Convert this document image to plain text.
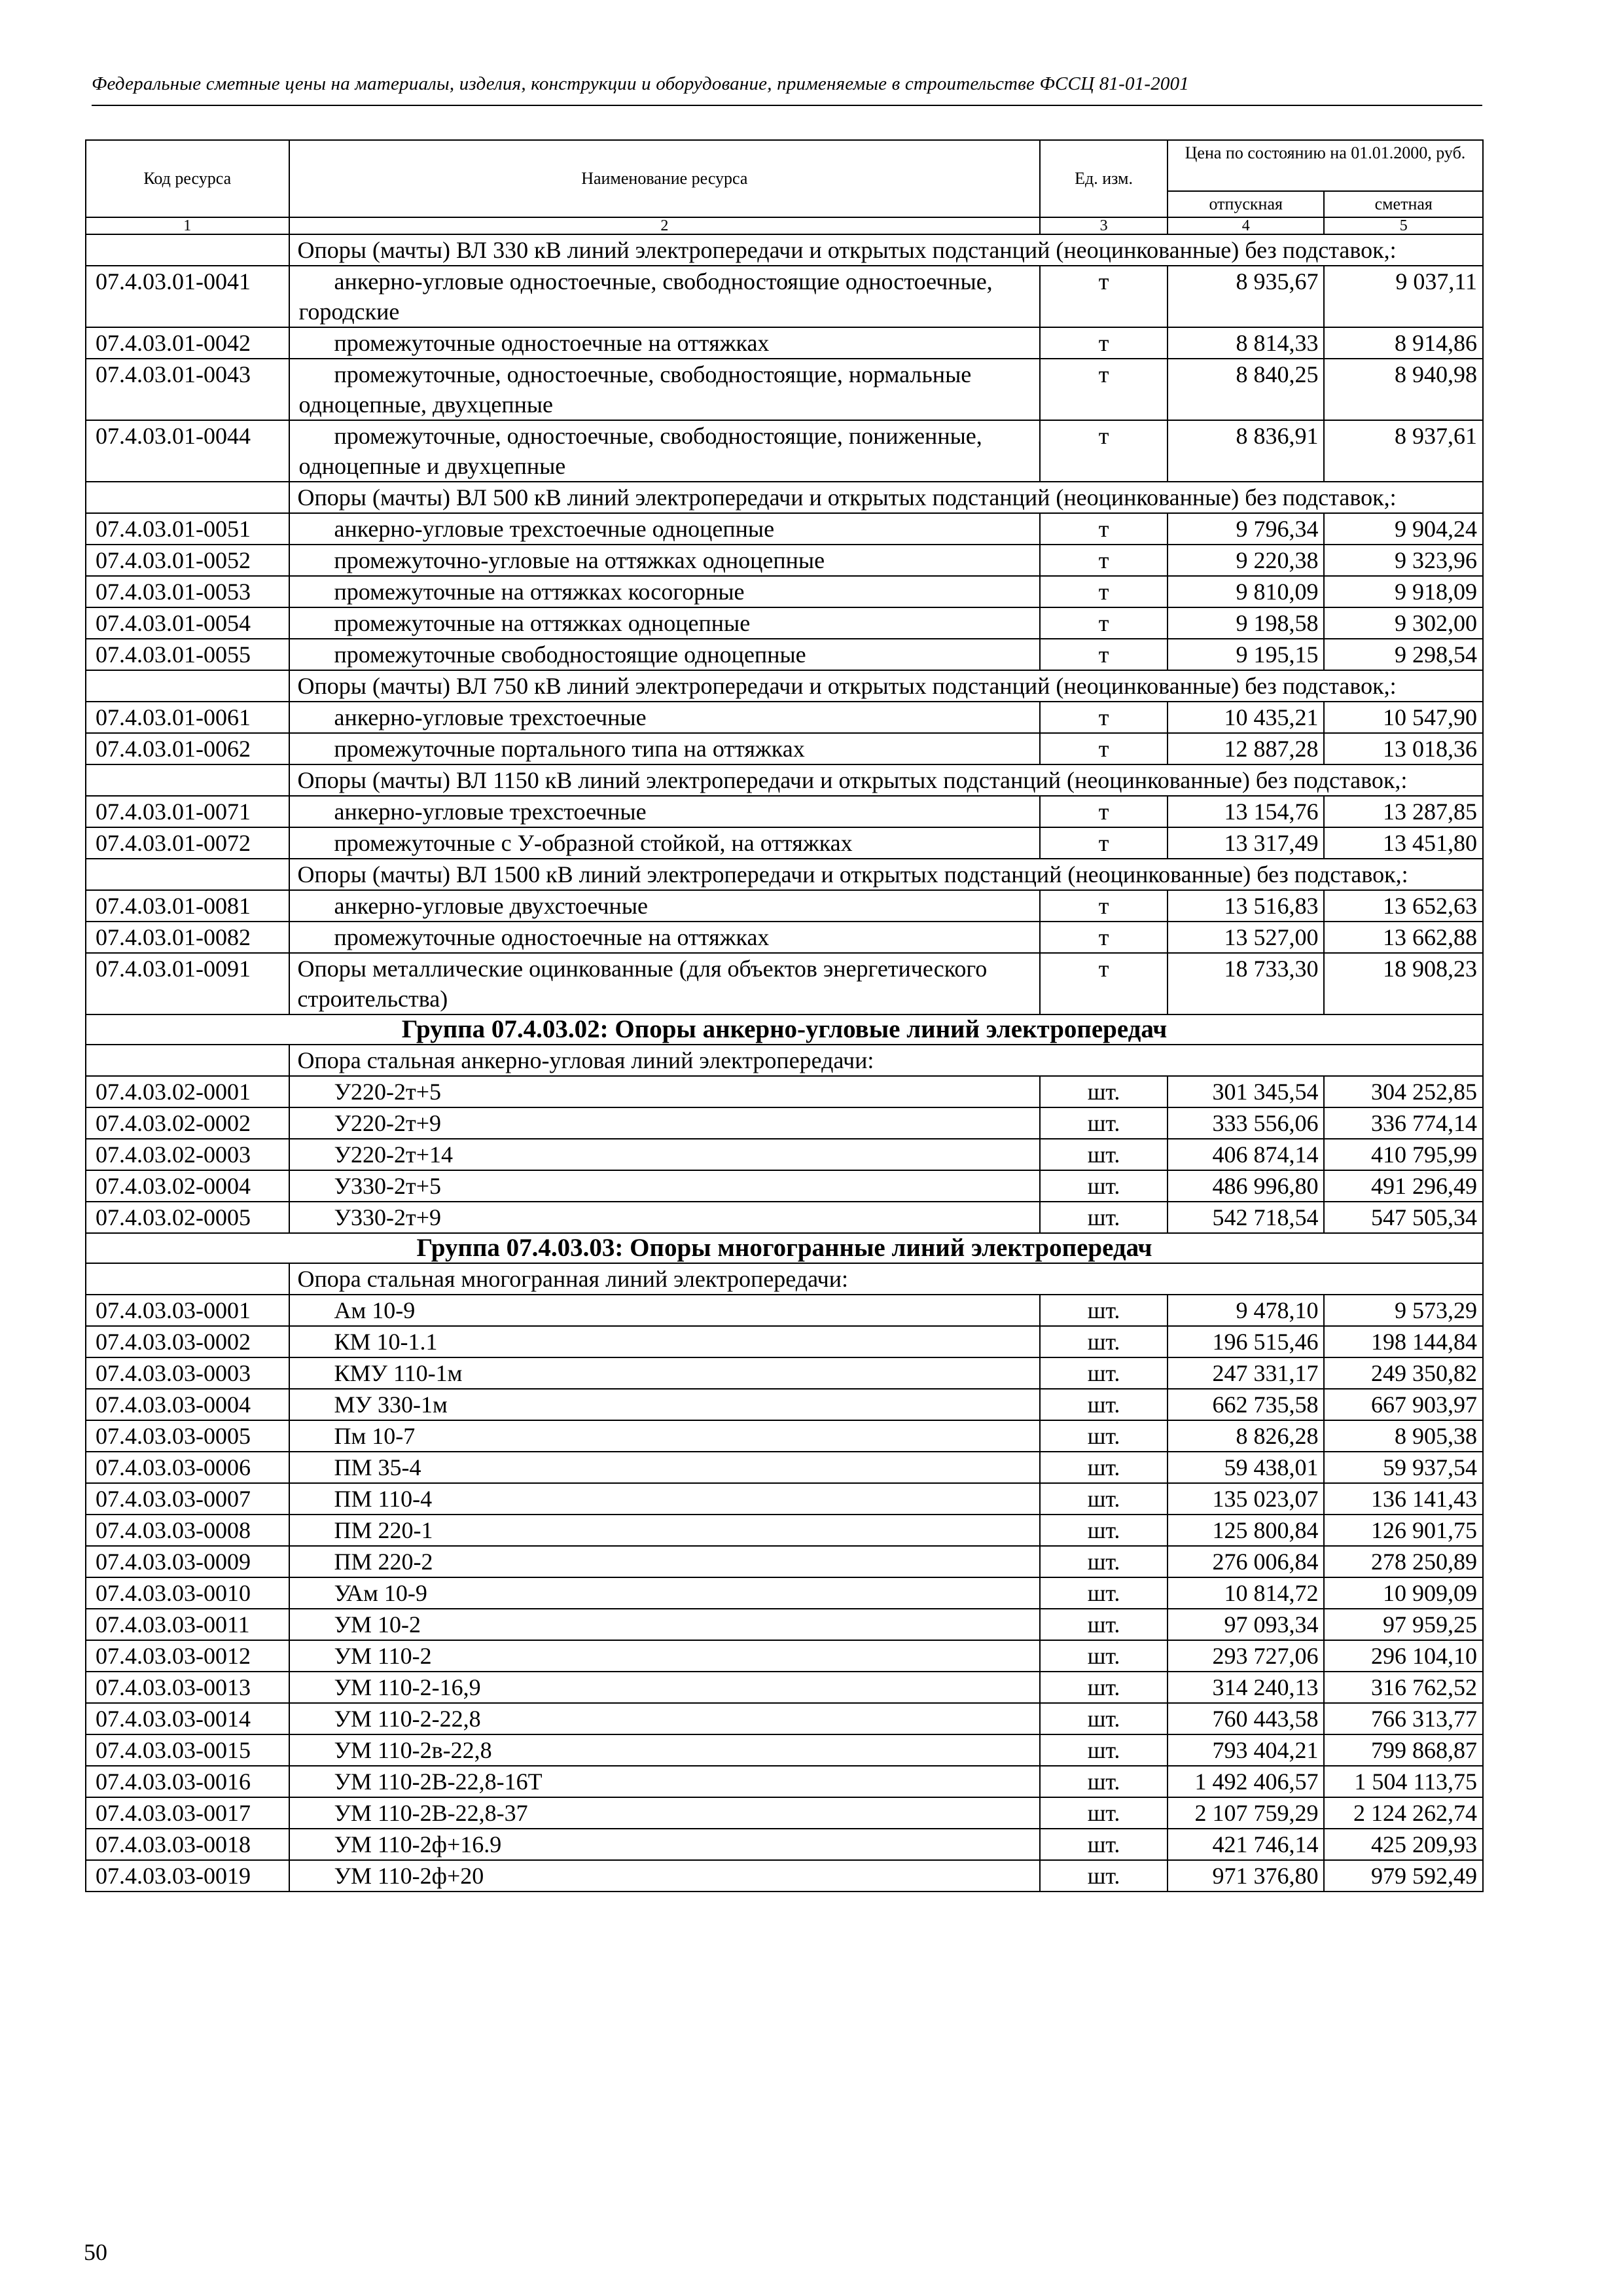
Федеральные сметные цены на материалы, изделия, конструкции и оборудование, применяемые в строительстве ФССЦ 81-01-2001
Код ресурса	Наименование ресурса	Ед. изм.	Цена по состоянию на 01.01.2000, руб.	
			отпускная	сметная
1	2	3	4	5
	Опоры (мачты) ВЛ 330 кВ линий электропередачи и открытых подстанций (неоцинкованные) без подставок,:			
07.4.03.01-0041	анкерно-угловые одностоечные, свободностоящие одностоечные, городские	т	8 935,67	9 037,11
07.4.03.01-0042	промежуточные одностоечные на оттяжках	т	8 814,33	8 914,86
07.4.03.01-0043	промежуточные, одностоечные, свободностоящие, нормальные одноцепные, двухцепные	т	8 840,25	8 940,98
07.4.03.01-0044	промежуточные, одностоечные, свободностоящие, пониженные, одноцепные и двухцепные	т	8 836,91	8 937,61
	Опоры (мачты) ВЛ 500 кВ линий электропередачи и открытых подстанций (неоцинкованные) без подставок,:			
07.4.03.01-0051	анкерно-угловые трехстоечные одноцепные	т	9 796,34	9 904,24
07.4.03.01-0052	промежуточно-угловые на оттяжках одноцепные	т	9 220,38	9 323,96
07.4.03.01-0053	промежуточные на оттяжках косогорные	т	9 810,09	9 918,09
07.4.03.01-0054	промежуточные на оттяжках одноцепные	т	9 198,58	9 302,00
07.4.03.01-0055	промежуточные свободностоящие одноцепные	т	9 195,15	9 298,54
	Опоры (мачты) ВЛ 750 кВ линий электропередачи и открытых подстанций (неоцинкованные) без подставок,:			
07.4.03.01-0061	анкерно-угловые трехстоечные	т	10 435,21	10 547,90
07.4.03.01-0062	промежуточные портального типа на оттяжках	т	12 887,28	13 018,36
	Опоры (мачты) ВЛ 1150 кВ линий электропередачи и открытых подстанций (неоцинкованные) без подставок,:			
07.4.03.01-0071	анкерно-угловые трехстоечные	т	13 154,76	13 287,85
07.4.03.01-0072	промежуточные с У-образной стойкой, на оттяжках	т	13 317,49	13 451,80
	Опоры (мачты) ВЛ 1500 кВ линий электропередачи и открытых подстанций (неоцинкованные) без подставок,:			
07.4.03.01-0081	анкерно-угловые двухстоечные	т	13 516,83	13 652,63
07.4.03.01-0082	промежуточные одностоечные на оттяжках	т	13 527,00	13 662,88
07.4.03.01-0091	Опоры металлические оцинкованные (для объектов энергетического строительства)	т	18 733,30	18 908,23
Группа 07.4.03.02: Опоры анкерно-угловые линий электропередач				
	Опора стальная анкерно-угловая линий электропередачи:			
07.4.03.02-0001	У220-2т+5	шт.	301 345,54	304 252,85
07.4.03.02-0002	У220-2т+9	шт.	333 556,06	336 774,14
07.4.03.02-0003	У220-2т+14	шт.	406 874,14	410 795,99
07.4.03.02-0004	У330-2т+5	шт.	486 996,80	491 296,49
07.4.03.02-0005	У330-2т+9	шт.	542 718,54	547 505,34
Группа 07.4.03.03: Опоры многогранные линий электропередач				
	Опора стальная многогранная линий электропередачи:			
07.4.03.03-0001	Ам 10-9	шт.	9 478,10	9 573,29
07.4.03.03-0002	КМ 10-1.1	шт.	196 515,46	198 144,84
07.4.03.03-0003	КМУ 110-1м	шт.	247 331,17	249 350,82
07.4.03.03-0004	МУ 330-1м	шт.	662 735,58	667 903,97
07.4.03.03-0005	Пм 10-7	шт.	8 826,28	8 905,38
07.4.03.03-0006	ПМ 35-4	шт.	59 438,01	59 937,54
07.4.03.03-0007	ПМ 110-4	шт.	135 023,07	136 141,43
07.4.03.03-0008	ПМ 220-1	шт.	125 800,84	126 901,75
07.4.03.03-0009	ПМ 220-2	шт.	276 006,84	278 250,89
07.4.03.03-0010	УАм 10-9	шт.	10 814,72	10 909,09
07.4.03.03-0011	УМ 10-2	шт.	97 093,34	97 959,25
07.4.03.03-0012	УМ 110-2	шт.	293 727,06	296 104,10
07.4.03.03-0013	УМ 110-2-16,9	шт.	314 240,13	316 762,52
07.4.03.03-0014	УМ 110-2-22,8	шт.	760 443,58	766 313,77
07.4.03.03-0015	УМ 110-2в-22,8	шт.	793 404,21	799 868,87
07.4.03.03-0016	УМ 110-2В-22,8-16Т	шт.	1 492 406,57	1 504 113,75
07.4.03.03-0017	УМ 110-2В-22,8-37	шт.	2 107 759,29	2 124 262,74
07.4.03.03-0018	УМ 110-2ф+16.9	шт.	421 746,14	425 209,93
07.4.03.03-0019	УМ 110-2ф+20	шт.	971 376,80	979 592,49
50
